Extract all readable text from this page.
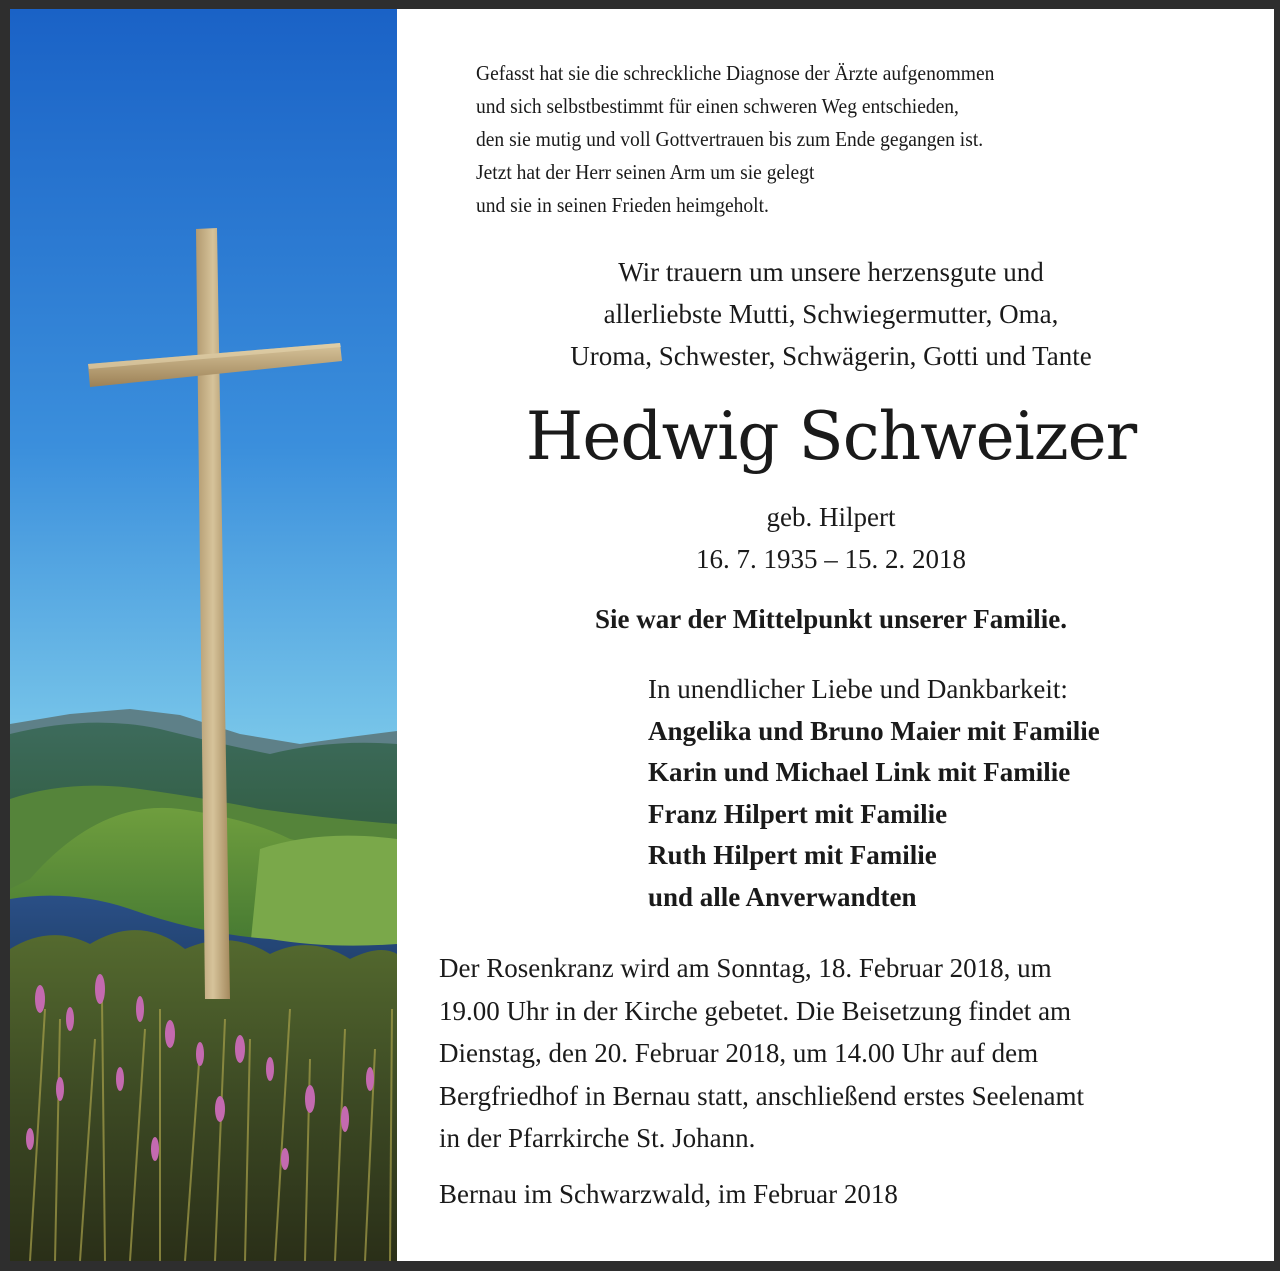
Gefasst hat sie die schreckliche Diagnose der Ärzte aufgenommen
und sich selbstbestimmt für einen schweren Weg entschieden,
den sie mutig und voll Gottvertrauen bis zum Ende gegangen ist.
Jetzt hat der Herr seinen Arm um sie gelegt
und sie in seinen Frieden heimgeholt.
Wir trauern um unsere herzensgute und
allerliebste Mutti, Schwiegermutter, Oma,
Uroma, Schwester, Schwägerin, Gotti und Tante
Hedwig Schweizer
geb. Hilpert
16. 7. 1935 – 15. 2. 2018
Sie war der Mittelpunkt unserer Familie.
In unendlicher Liebe und Dankbarkeit:
Angelika und Bruno Maier mit Familie
Karin und Michael Link mit Familie
Franz Hilpert mit Familie
Ruth Hilpert mit Familie
und alle Anverwandten
Der Rosenkranz wird am Sonntag, 18. Februar 2018, um
19.00 Uhr in der Kirche gebetet. Die Beisetzung findet am
Dienstag, den 20. Februar 2018, um 14.00 Uhr auf dem
Bergfriedhof in Bernau statt, anschließend erstes Seelenamt
in der Pfarrkirche St. Johann.
Bernau im Schwarzwald, im Februar 2018
